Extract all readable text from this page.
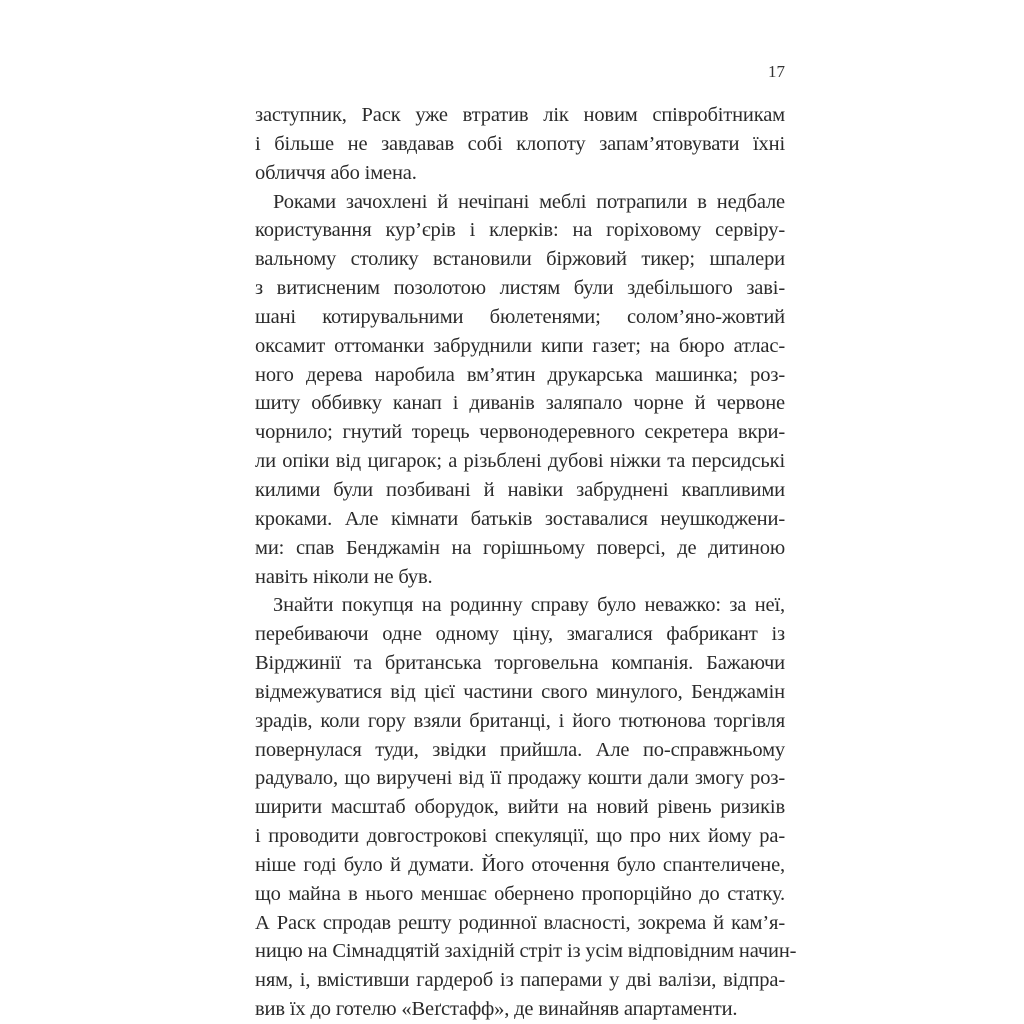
17
заступник, Раск уже втратив лік новим співробітникам
і більше не завдавав собі клопоту запам’ятовувати їхні
обличчя або імена.
Роками зачохлені й нечіпані меблі потрапили в недбале
користування кур’єрів і клерків: на горіховому сервіру-
вальному столику встановили біржовий тикер; шпалери
з витисненим позолотою листям були здебільшого заві-
шані котирувальними бюлетенями; солом’яно-жовтий
оксамит оттоманки забруднили кипи газет; на бюро атлас-
ного дерева наробила вм’ятин друкарська машинка; роз-
шиту оббивку канап і диванів заляпало чорне й червоне
чорнило; гнутий торець червонодеревного секретера вкри-
ли опіки від цигарок; а різьблені дубові ніжки та перcидські
килими були позбивані й навіки забруднені квапливими
кроками. Але кімнати батьків зоставалися неушкоджени-
ми: спав Бенджамін на горішньому поверсі, де дитиною
навіть ніколи не був.
Знайти покупця на родинну справу було неважко: за неї,
перебиваючи одне одному ціну, змагалися фабрикант із
Вірджинії та британська торговельна компанія. Бажаючи
відмежуватися від цієї частини свого минулого, Бенджамін
зрадів, коли гору взяли британці, і його тютюнова торгівля
повернулася туди, звідки прийшла. Але по-справжньому
радувало, що виручені від її продажу кошти дали змогу роз-
ширити масштаб оборудок, вийти на новий рівень ризиків
і проводити довгострокові спекуляції, що про них йому ра-
ніше годі було й думати. Його оточення було спантеличене,
що майна в нього меншає обернено пропорційно до статку.
А Раск спродав решту родинної власності, зокрема й кам’я-
ницю на Сімнадцятій західній стріт із усім відповідним начин-
ням, і, вмістивши гардероб із паперами у дві валізи, відпра-
вив їх до готелю «Веґстафф», де винайняв апартаменти.
